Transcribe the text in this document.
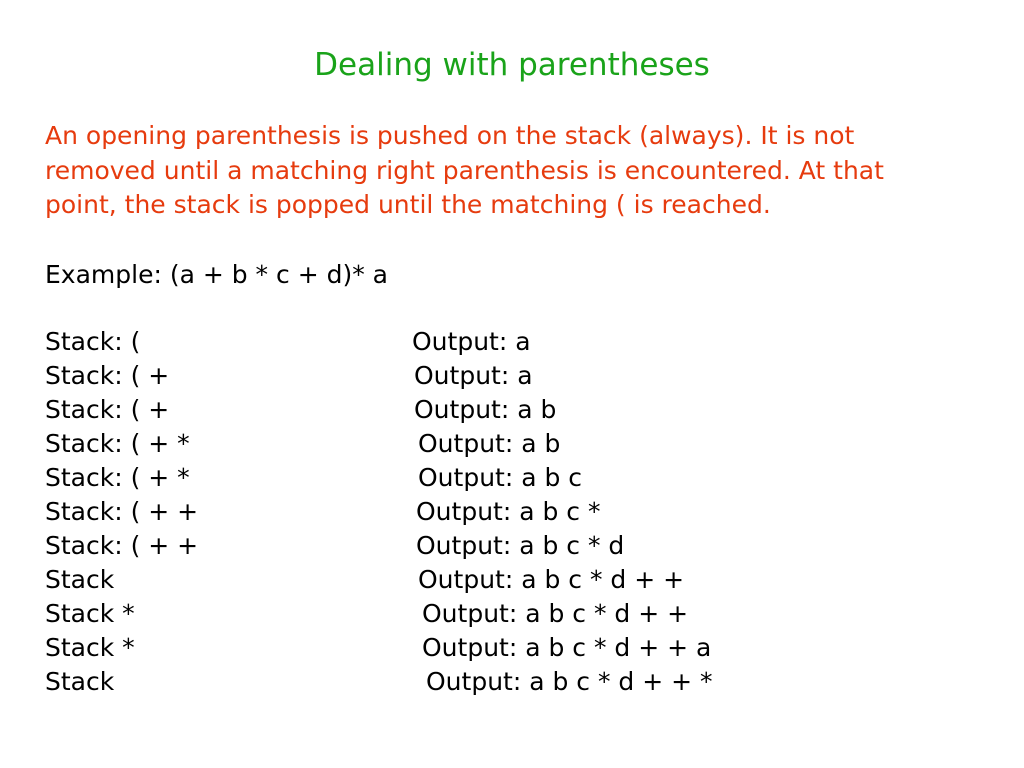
Dealing with parentheses
An opening parenthesis is pushed on the stack (always). It is not
removed until a matching right parenthesis is encountered. At that
point, the stack is popped until the matching ( is reached.
Example: (a + b * c + d)* a
Stack: (	Output: a
Stack: ( +	Output: a
Stack: ( +	Output: a b
Stack: ( + *	Output: a b
Stack: ( + *	Output: a b c
Stack: ( + +	Output: a b c *
Stack: ( + +	Output: a b c * d
Stack	Output: a b c * d + +
Stack *	Output: a b c * d + +
Stack *	Output: a b c * d + + a
Stack	Output: a b c * d + + *
